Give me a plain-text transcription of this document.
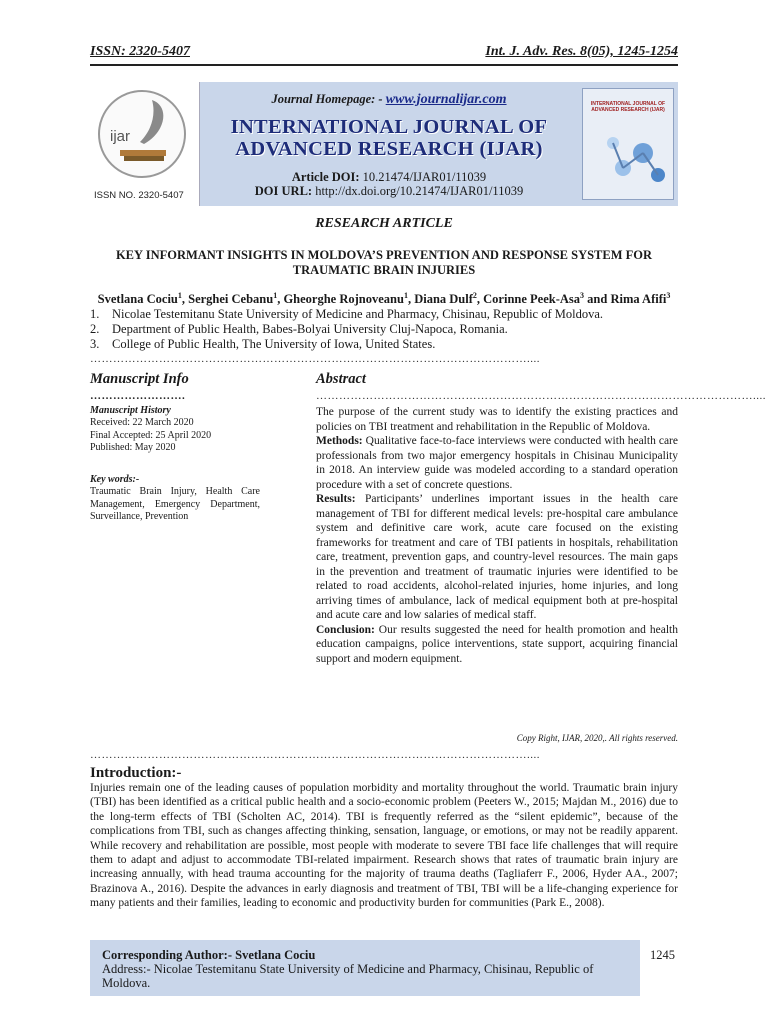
ISSN: 2320-5407	Int. J. Adv. Res. 8(05), 1245-1254
ijar
ISSN NO. 2320-5407
Journal Homepage: - www.journalijar.com
INTERNATIONAL JOURNAL OF
ADVANCED RESEARCH (IJAR)
Article DOI: 10.21474/IJAR01/11039
DOI URL: http://dx.doi.org/10.21474/IJAR01/11039
INTERNATIONAL JOURNAL OF ADVANCED RESEARCH (IJAR)
RESEARCH ARTICLE
KEY INFORMANT INSIGHTS IN MOLDOVA’S PREVENTION AND RESPONSE SYSTEM FOR
TRAUMATIC BRAIN INJURIES
Svetlana Cociu$^1$, Serghei Cebanu$^1$, Gheorghe Rojnoveanu$^1$, Diana Dulf$^2$, Corinne Peek-Asa$^3$ and Rima Afifi$^3$
1. Nicolae Testemitanu State University of Medicine and Pharmacy, Chisinau, Republic of Moldova.
2. Department of Public Health, Babes-Bolyai University Cluj-Napoca, Romania.
3. College of Public Health, The University of Iowa, United States.
……………………………………………………………………………………………………....
Manuscript Info
…………………….
Manuscript History
Received: 22 March 2020
Final Accepted: 25 April 2020
Published: May 2020
Key words:-
Traumatic Brain Injury, Health Care Management, Emergency Department, Surveillance, Prevention
Abstract
……………………………………………………………………………………………………....

The purpose of the current study was to identify the existing practices and policies on TBI treatment and rehabilitation in the Republic of Moldova.

Methods: Qualitative face-to-face interviews were conducted with health care professionals from two major emergency hospitals in Chisinau Municipality in 2018. An interview guide was modeled according to a standard operation procedure with a set of concrete questions.

Results: Participants’ underlines important issues in the health care management of TBI for different medical levels: pre-hospital care ambulance system and definitive care work, acute care focused on the existing frameworks for treatment and care of TBI patients in hospitals, rehabilitation care, treatment, prevention gaps, and country-level resources. The main gaps in the prevention and treatment of traumatic injuries were identified to be related to road accidents, alcohol-related injuries, home injuries, and long arriving times of ambulance, lack of medical equipment both at pre-hospital and acute care and low salaries of medical staff.

Conclusion: Our results suggested the need for health promotion and health education campaigns, police interventions, state support, acquiring financial support and modern equipment.

Copy Right, IJAR, 2020,. All rights reserved.
……………………………………………………………………………………………………....
Introduction:-

Injuries remain one of the leading causes of population morbidity and mortality throughout the world. Traumatic brain injury (TBI) has been identified as a critical public health and a socio-economic problem (Peeters W., 2015; Majdan M., 2016) due to the long-term effects of TBI (Scholten AC, 2014). TBI is frequently referred as the “silent epidemic”, because of the complications from TBI, such as changes affecting thinking, sensation, language, or emotions, or may not be readily apparent. While recovery and rehabilitation are possible, most people with moderate to severe TBI face life challenges that will require them to adapt and adjust to accommodate TBI-related impairment. Research shows that rates of traumatic brain injury are increasing annually, with head trauma accounting for the majority of trauma deaths (Tagliaferr F., 2006, Hyder AA., 2007; Brazinova A., 2016). Despite the advances in early diagnosis and treatment of TBI, TBI will be a life-changing experience for many patients and their families, leading to economic and productivity burden for communities (Park E., 2008).

Corresponding Author:- Svetlana Cociu
Address:- Nicolae Testemitanu State University of Medicine and Pharmacy, Chisinau, Republic of Moldova.
1245
